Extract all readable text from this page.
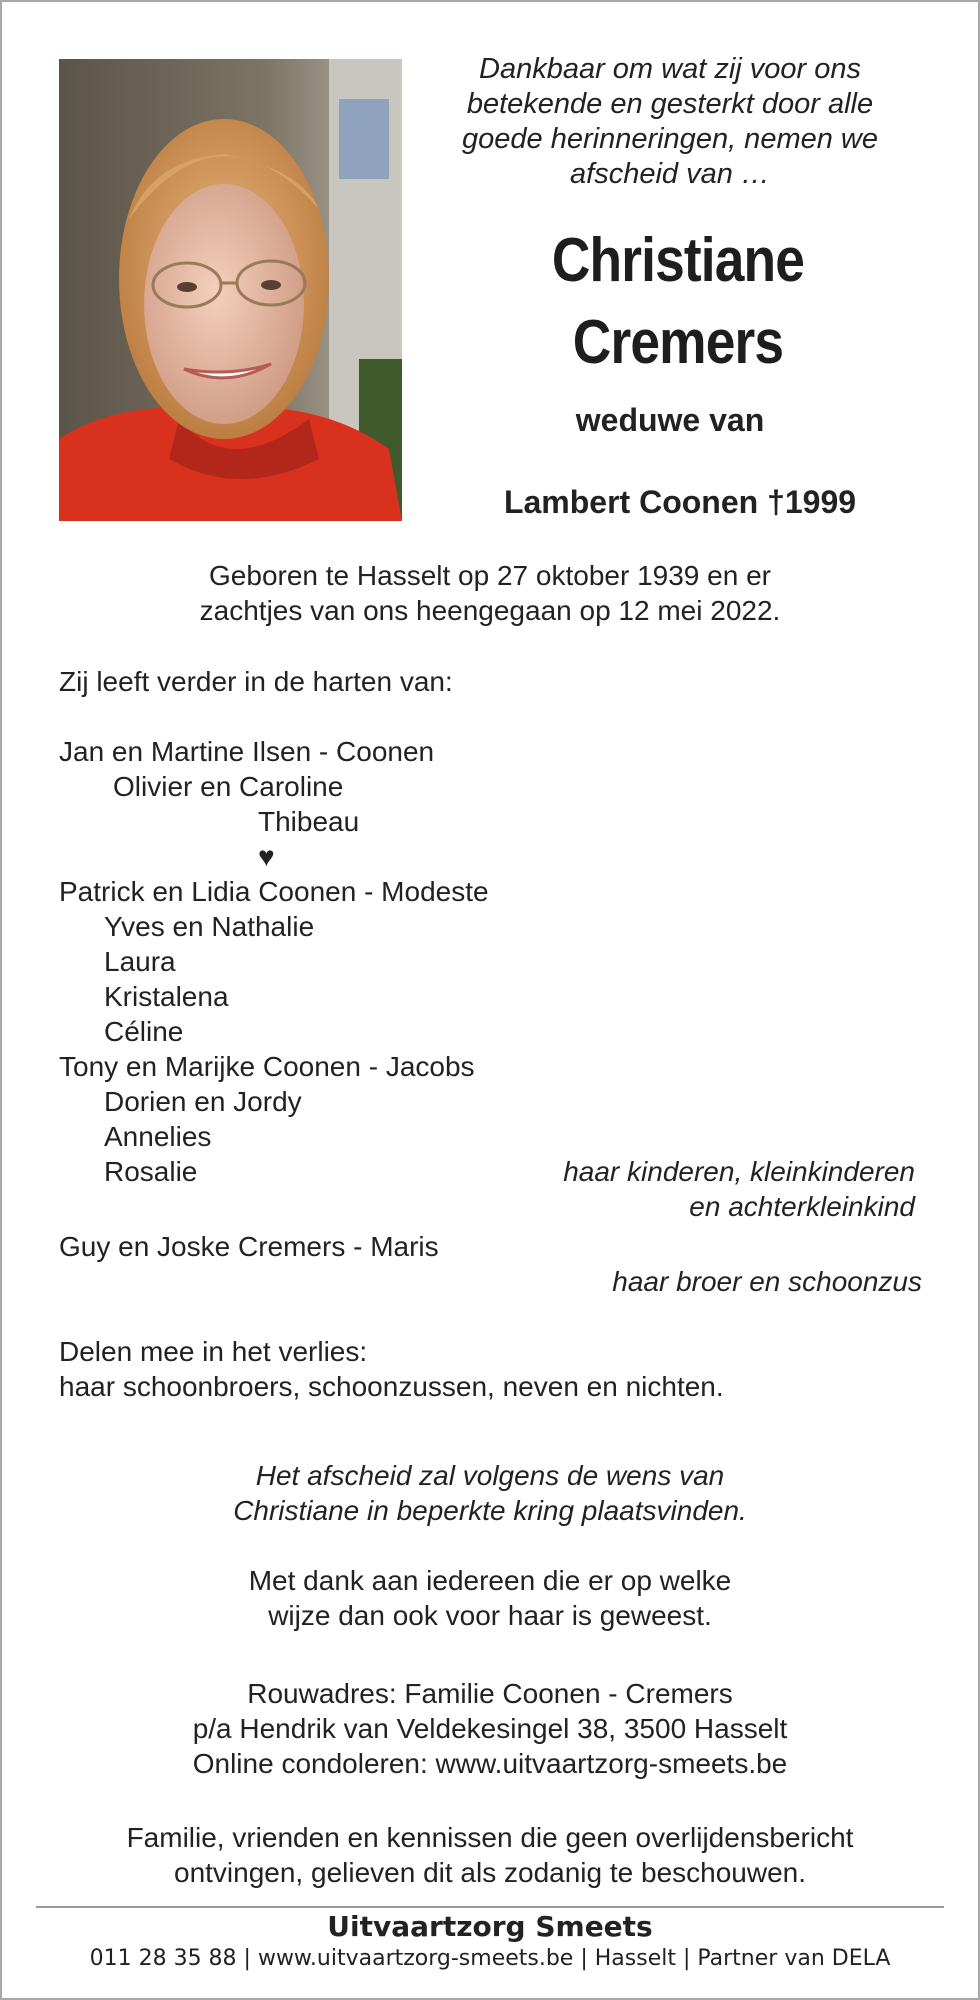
Dankbaar om wat zij voor ons
betekende en gesterkt door alle
goede herinneringen, nemen we
afscheid van …
Christiane
Cremers
weduwe van
Lambert Coonen †1999
Geboren te Hasselt op 27 oktober 1939 en er
zachtjes van ons heengegaan op 12 mei 2022.
Zij leeft verder in de harten van:
Jan en Martine Ilsen - Coonen
Olivier en Caroline
Thibeau
♥
Patrick en Lidia Coonen - Modeste
Yves en Nathalie
Laura
Kristalena
Céline
Tony en Marijke Coonen - Jacobs
Dorien en Jordy
Annelies
Rosalie	haar kinderen, kleinkinderen
en achterkleinkind
Guy en Joske Cremers - Maris
haar broer en schoonzus
Delen mee in het verlies:
haar schoonbroers, schoonzussen, neven en nichten.
Het afscheid zal volgens de wens van
Christiane in beperkte kring plaatsvinden.
Met dank aan iedereen die er op welke
wijze dan ook voor haar is geweest.
Rouwadres: Familie Coonen - Cremers
p/a Hendrik van Veldekesingel 38, 3500 Hasselt
Online condoleren: www.uitvaartzorg-smeets.be
Familie, vrienden en kennissen die geen overlijdensbericht
ontvingen, gelieven dit als zodanig te beschouwen.
Uitvaartzorg Smeets
011 28 35 88 | www.uitvaartzorg-smeets.be | Hasselt | Partner van DELA
